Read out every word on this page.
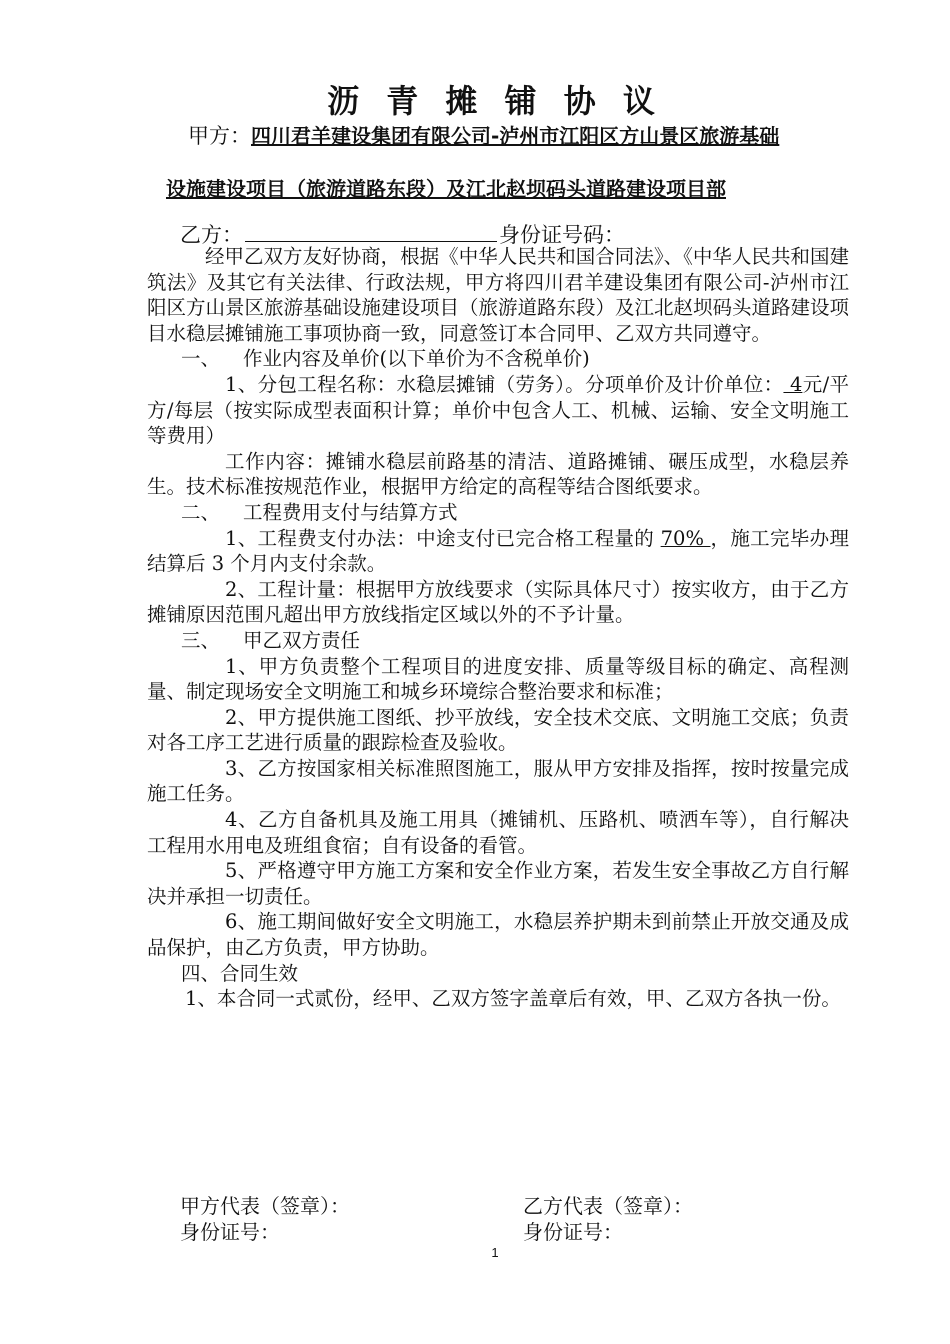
沥 青 摊 铺 协 议
甲方：四川君羊建设集团有限公司-泸州市江阳区方山景区旅游基础
设施建设项目（旅游道路东段）及江北赵坝码头道路建设项目部
乙方：	身份证号码：

经甲乙双方友好协商，根据《中华人民共和国合同法》、《中华人民共和国建筑法》及其它有关法律、行政法规，甲方将四川君羊建设集团有限公司-泸州市江阳区方山景区旅游基础设施建设项目（旅游道路东段）及江北赵坝码头道路建设项目水稳层摊铺施工事项协商一致，同意签订本合同甲、乙双方共同遵守。

一、 作业内容及单价(以下单价为不含税单价)

1、分包工程名称：水稳层摊铺（劳务）。分项单价及计价单位： 4元/平方/每层（按实际成型表面积计算；单价中包含人工、机械、运输、安全文明施工等费用）

工作内容：摊铺水稳层前路基的清洁、道路摊铺、碾压成型，水稳层养生。技术标准按规范作业，根据甲方给定的高程等结合图纸要求。

二、 工程费用支付与结算方式

1、工程费支付办法：中途支付已完合格工程量的 70% ，施工完毕办理结算后 3 个月内支付余款。

2、工程计量：根据甲方放线要求（实际具体尺寸）按实收方，由于乙方摊铺原因范围凡超出甲方放线指定区域以外的不予计量。

三、 甲乙双方责任

1、甲方负责整个工程项目的进度安排、质量等级目标的确定、高程测量、制定现场安全文明施工和城乡环境综合整治要求和标准；

2、甲方提供施工图纸、抄平放线，安全技术交底、文明施工交底；负责对各工序工艺进行质量的跟踪检查及验收。

3、乙方按国家相关标准照图施工，服从甲方安排及指挥，按时按量完成施工任务。

4、乙方自备机具及施工用具（摊铺机、压路机、喷洒车等），自行解决工程用水用电及班组食宿；自有设备的看管。

5、严格遵守甲方施工方案和安全作业方案，若发生安全事故乙方自行解决并承担一切责任。

6、施工期间做好安全文明施工，水稳层养护期未到前禁止开放交通及成品保护，由乙方负责，甲方协助。

四、合同生效

1、本合同一式贰份，经甲、乙双方签字盖章后有效，甲、乙双方各执一份。

甲方代表（签章）：	乙方代表（签章）：
身份证号：	身份证号：
1
